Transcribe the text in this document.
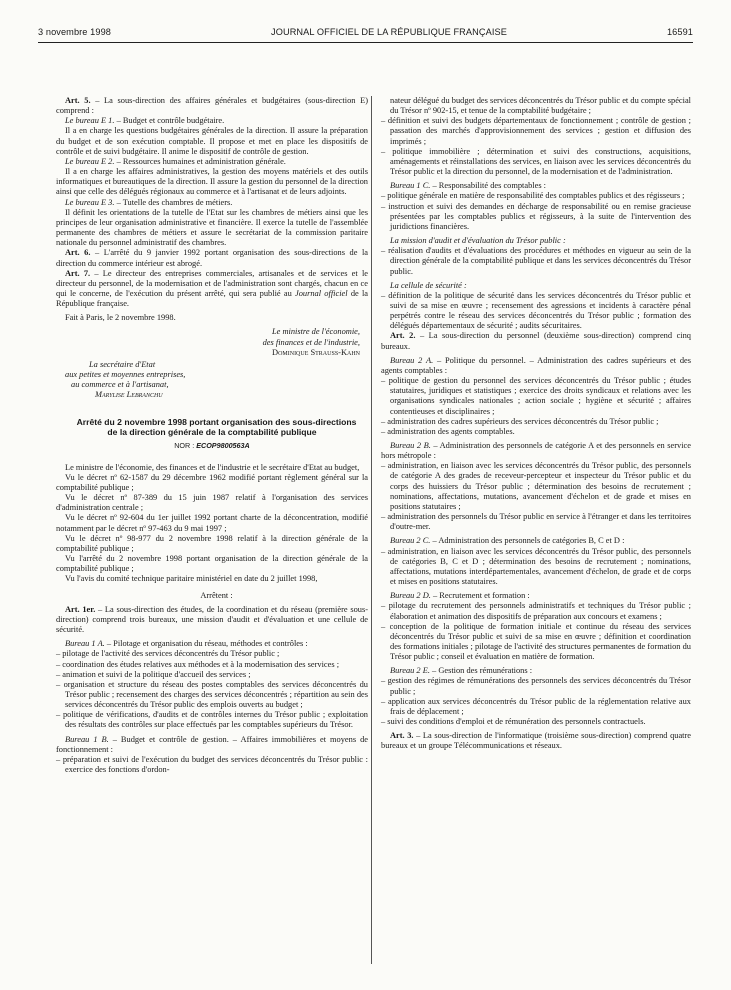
3 novembre 1998	JOURNAL OFFICIEL DE LA RÉPUBLIQUE FRANÇAISE	16591

Art. 5. – La sous-direction des affaires générales et budgétaires (sous-direction E) comprend :

Le bureau E 1. – Budget et contrôle budgétaire.

Il a en charge les questions budgétaires générales de la direction. Il assure la préparation du budget et de son exécution comptable. Il propose et met en place les dispositifs de contrôle et de suivi budgétaire. Il anime le dispositif de contrôle de gestion.

Le bureau E 2. – Ressources humaines et administration générale.

Il a en charge les affaires administratives, la gestion des moyens matériels et des outils informatiques et bureautiques de la direction. Il assure la gestion du personnel de la direction ainsi que celle des délégués régionaux au commerce et à l'artisanat et de leurs adjoints.

Le bureau E 3. – Tutelle des chambres de métiers.

Il définit les orientations de la tutelle de l'Etat sur les chambres de métiers ainsi que les principes de leur organisation administrative et financière. Il exerce la tutelle de l'assemblée permanente des chambres de métiers et assure le secrétariat de la commission paritaire nationale du personnel administratif des chambres.

Art. 6. – L'arrêté du 9 janvier 1992 portant organisation des sous-directions de la direction du commerce intérieur est abrogé.

Art. 7. – Le directeur des entreprises commerciales, artisanales et de services et le directeur du personnel, de la modernisation et de l'administration sont chargés, chacun en ce qui le concerne, de l'exécution du présent arrêté, qui sera publié au Journal officiel de la République française.

Fait à Paris, le 2 novembre 1998.

Le ministre de l'économie,

des finances et de l'industrie,

Dominique Strauss-Kahn

La secrétaire d'Etat

aux petites et moyennes entreprises,

au commerce et à l'artisanat,

Marylise Lebranchu

Arrêté du 2 novembre 1998 portant organisation des sous-directions de la direction générale de la comptabilité publique

NOR : ECOP9800563A

Le ministre de l'économie, des finances et de l'industrie et le secrétaire d'Etat au budget,

Vu le décret nº 62-1587 du 29 décembre 1962 modifié portant règlement général sur la comptabilité publique ;

Vu le décret nº 87-389 du 15 juin 1987 relatif à l'organisation des services d'administration centrale ;

Vu le décret nº 92-604 du 1er juillet 1992 portant charte de la déconcentration, modifié notamment par le décret nº 97-463 du 9 mai 1997 ;

Vu le décret nº 98-977 du 2 novembre 1998 relatif à la direction générale de la comptabilité publique ;

Vu l'arrêté du 2 novembre 1998 portant organisation de la direction générale de la comptabilité publique ;

Vu l'avis du comité technique paritaire ministériel en date du 2 juillet 1998,

Arrêtent :

Art. 1er. – La sous-direction des études, de la coordination et du réseau (première sous-direction) comprend trois bureaux, une mission d'audit et d'évaluation et une cellule de sécurité.

Bureau 1 A. – Pilotage et organisation du réseau, méthodes et contrôles :

– pilotage de l'activité des services déconcentrés du Trésor public ;

– coordination des études relatives aux méthodes et à la modernisation des services ;

– animation et suivi de la politique d'accueil des services ;

– organisation et structure du réseau des postes comptables des services déconcentrés du Trésor public ; recensement des charges des services déconcentrés ; répartition au sein des services déconcentrés du Trésor public des emplois ouverts au budget ;

– politique de vérifications, d'audits et de contrôles internes du Trésor public ; exploitation des résultats des contrôles sur place effectués par les comptables supérieurs du Trésor.

Bureau 1 B. – Budget et contrôle de gestion. – Affaires immobilières et moyens de fonctionnement :

– préparation et suivi de l'exécution du budget des services déconcentrés du Trésor public : exercice des fonctions d'ordon-

nateur délégué du budget des services déconcentrés du Trésor public et du compte spécial du Trésor nº 902-15, et tenue de la comptabilité budgétaire ;

– définition et suivi des budgets départementaux de fonctionnement ; contrôle de gestion ; passation des marchés d'approvisionnement des services ; gestion et diffusion des imprimés ;

– politique immobilière ; détermination et suivi des constructions, acquisitions, aménagements et réinstallations des services, en liaison avec les services déconcentrés du Trésor public et la direction du personnel, de la modernisation et de l'administration.

Bureau 1 C. – Responsabilité des comptables :

– politique générale en matière de responsabilité des comptables publics et des régisseurs ;

– instruction et suivi des demandes en décharge de responsabilité ou en remise gracieuse présentées par les comptables publics et régisseurs, à la suite de l'intervention des juridictions financières.

La mission d'audit et d'évaluation du Trésor public :

– réalisation d'audits et d'évaluations des procédures et méthodes en vigueur au sein de la direction générale de la comptabilité publique et dans les services déconcentrés du Trésor public.

La cellule de sécurité :

– définition de la politique de sécurité dans les services déconcentrés du Trésor public et suivi de sa mise en œuvre ; recensement des agressions et incidents à caractère pénal perpétrés contre le réseau des services déconcentrés du Trésor public ; formation des délégués départementaux de sécurité ; audits sécuritaires.

Art. 2. – La sous-direction du personnel (deuxième sous-direction) comprend cinq bureaux.

Bureau 2 A. – Politique du personnel. – Administration des cadres supérieurs et des agents comptables :

– politique de gestion du personnel des services déconcentrés du Trésor public ; études statutaires, juridiques et statistiques ; exercice des droits syndicaux et relations avec les organisations syndicales nationales ; action sociale ; hygiène et sécurité ; affaires contentieuses et disciplinaires ;

– administration des cadres supérieurs des services déconcentrés du Trésor public ;

– administration des agents comptables.

Bureau 2 B. – Administration des personnels de catégorie A et des personnels en service hors métropole :

– administration, en liaison avec les services déconcentrés du Trésor public, des personnels de catégorie A des grades de receveur-percepteur et inspecteur du Trésor public et du corps des huissiers du Trésor public ; détermination des besoins de recrutement ; nominations, affectations, mutations, avancement d'échelon et de grade et mises en positions statutaires ;

– administration des personnels du Trésor public en service à l'étranger et dans les territoires d'outre-mer.

Bureau 2 C. – Administration des personnels de catégories B, C et D :

– administration, en liaison avec les services déconcentrés du Trésor public, des personnels de catégories B, C et D ; détermination des besoins de recrutement ; nominations, affectations, mutations interdépartementales, avancement d'échelon, de grade et de corps et mises en positions statutaires.

Bureau 2 D. – Recrutement et formation :

– pilotage du recrutement des personnels administratifs et techniques du Trésor public ; élaboration et animation des dispositifs de préparation aux concours et examens ;

– conception de la politique de formation initiale et continue du réseau des services déconcentrés du Trésor public et suivi de sa mise en œuvre ; définition et coordination des formations initiales ; pilotage de l'activité des structures permanentes de formation du Trésor public ; conseil et évaluation en matière de formation.

Bureau 2 E. – Gestion des rémunérations :

– gestion des régimes de rémunérations des personnels des services déconcentrés du Trésor public ;

– application aux services déconcentrés du Trésor public de la réglementation relative aux frais de déplacement ;

– suivi des conditions d'emploi et de rémunération des personnels contractuels.

Art. 3. – La sous-direction de l'informatique (troisième sous-direction) comprend quatre bureaux et un groupe Télécommunications et réseaux.
